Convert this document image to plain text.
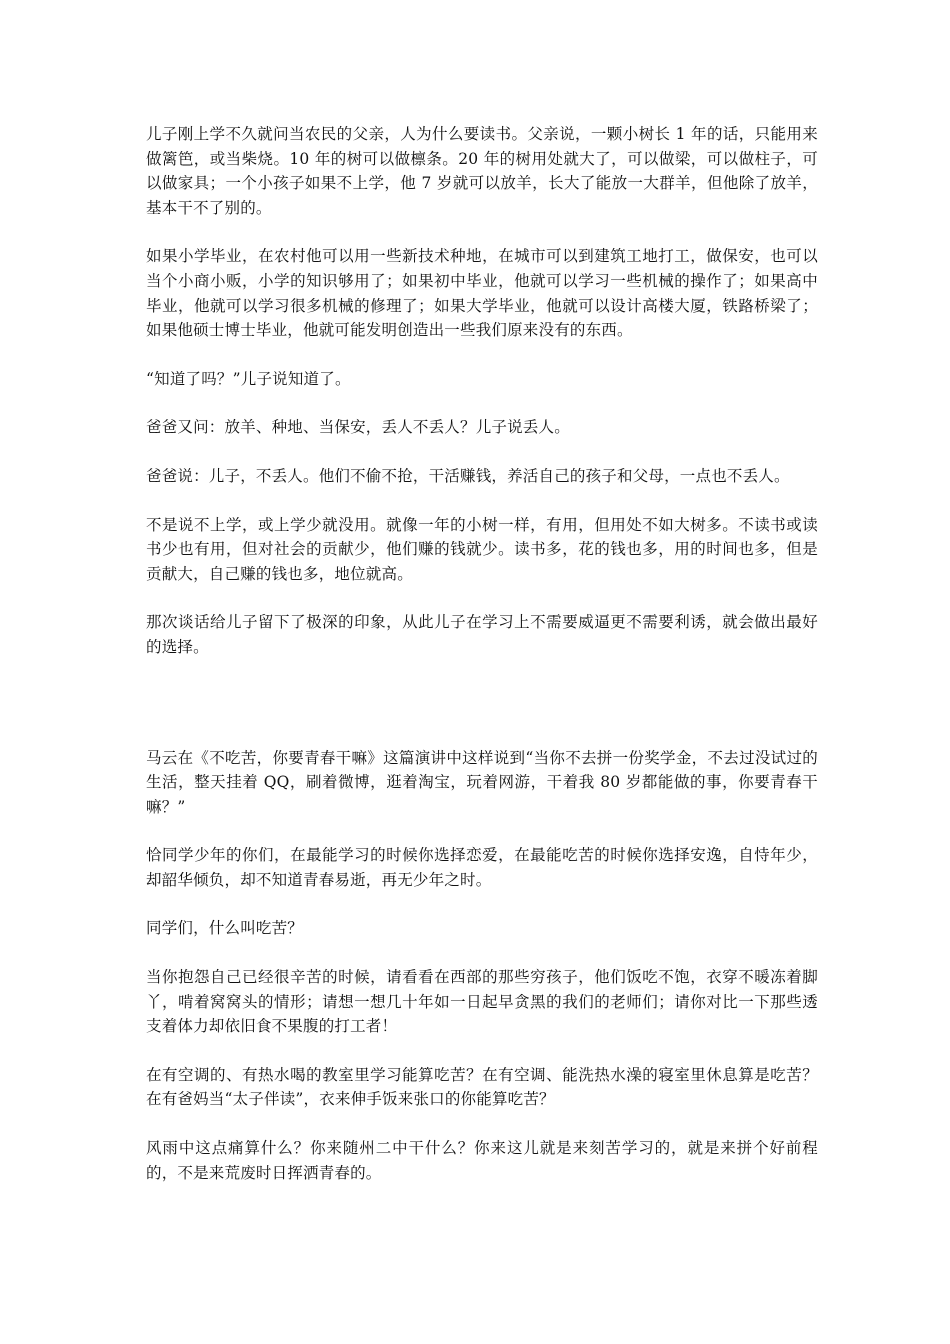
儿子刚上学不久就问当农民的父亲，人为什么要读书。父亲说，一颗小树长 1 年的话，只能用来做篱笆，或当柴烧。10 年的树可以做檩条。20 年的树用处就大了，可以做梁，可以做柱子，可以做家具；一个小孩子如果不上学，他 7 岁就可以放羊，长大了能放一大群羊，但他除了放羊，基本干不了别的。

如果小学毕业，在农村他可以用一些新技术种地，在城市可以到建筑工地打工，做保安，也可以当个小商小贩，小学的知识够用了；如果初中毕业，他就可以学习一些机械的操作了；如果高中毕业，他就可以学习很多机械的修理了；如果大学毕业，他就可以设计高楼大厦，铁路桥梁了；如果他硕士博士毕业，他就可能发明创造出一些我们原来没有的东西。

“知道了吗？”儿子说知道了。

爸爸又问：放羊、种地、当保安，丢人不丢人？儿子说丢人。

爸爸说：儿子，不丢人。他们不偷不抢，干活赚钱，养活自己的孩子和父母，一点也不丢人。

不是说不上学，或上学少就没用。就像一年的小树一样，有用，但用处不如大树多。不读书或读书少也有用，但对社会的贡献少，他们赚的钱就少。读书多，花的钱也多，用的时间也多，但是贡献大，自己赚的钱也多，地位就高。

那次谈话给儿子留下了极深的印象，从此儿子在学习上不需要威逼更不需要利诱，就会做出最好的选择。

马云在《不吃苦，你要青春干嘛》这篇演讲中这样说到“当你不去拼一份奖学金，不去过没试过的生活，整天挂着 QQ，刷着微博，逛着淘宝，玩着网游，干着我 80 岁都能做的事，你要青春干嘛？”

恰同学少年的你们，在最能学习的时候你选择恋爱，在最能吃苦的时候你选择安逸，自恃年少，却韶华倾负，却不知道青春易逝，再无少年之时。

同学们，什么叫吃苦？

当你抱怨自己已经很辛苦的时候，请看看在西部的那些穷孩子，他们饭吃不饱，衣穿不暖冻着脚丫，啃着窝窝头的情形；请想一想几十年如一日起早贪黑的我们的老师们；请你对比一下那些透支着体力却依旧食不果腹的打工者！

在有空调的、有热水喝的教室里学习能算吃苦？在有空调、能洗热水澡的寝室里休息算是吃苦？在有爸妈当“太子伴读”，衣来伸手饭来张口的你能算吃苦？

风雨中这点痛算什么？你来随州二中干什么？你来这儿就是来刻苦学习的，就是来拼个好前程的，不是来荒废时日挥洒青春的。
